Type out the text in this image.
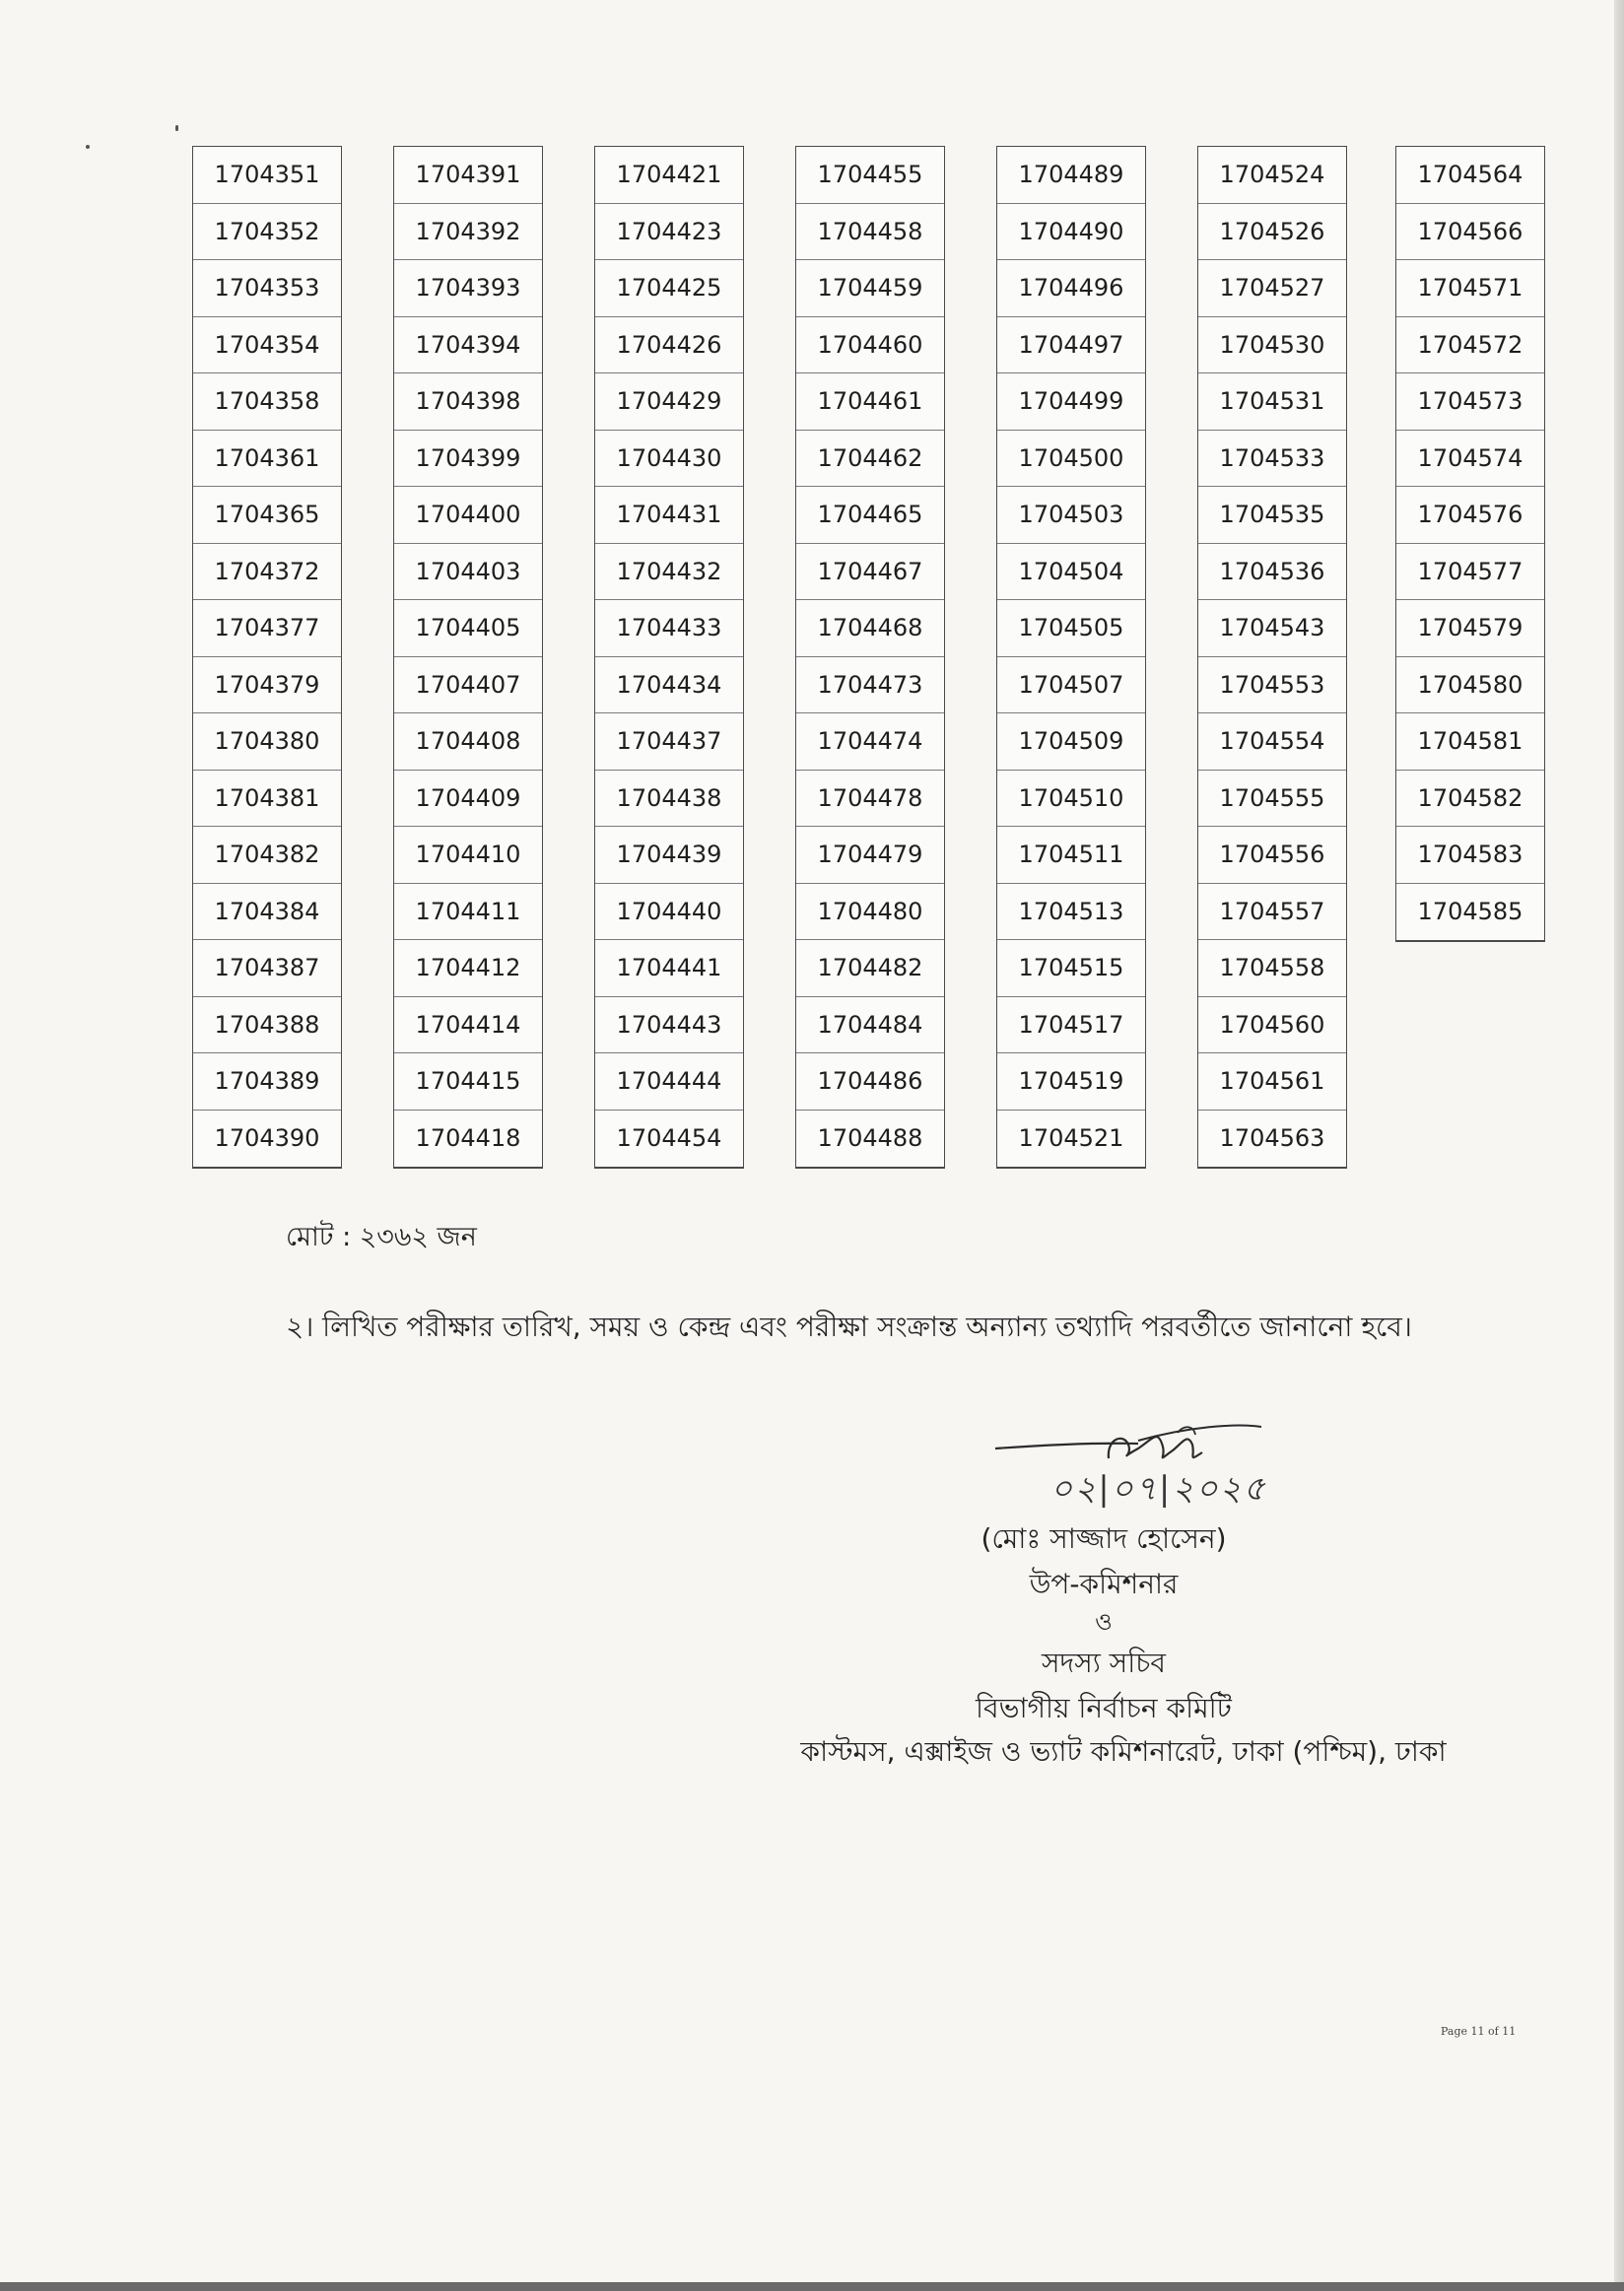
1704351
1704352
1704353
1704354
1704358
1704361
1704365
1704372
1704377
1704379
1704380
1704381
1704382
1704384
1704387
1704388
1704389
1704390
1704391
1704392
1704393
1704394
1704398
1704399
1704400
1704403
1704405
1704407
1704408
1704409
1704410
1704411
1704412
1704414
1704415
1704418
1704421
1704423
1704425
1704426
1704429
1704430
1704431
1704432
1704433
1704434
1704437
1704438
1704439
1704440
1704441
1704443
1704444
1704454
1704455
1704458
1704459
1704460
1704461
1704462
1704465
1704467
1704468
1704473
1704474
1704478
1704479
1704480
1704482
1704484
1704486
1704488
1704489
1704490
1704496
1704497
1704499
1704500
1704503
1704504
1704505
1704507
1704509
1704510
1704511
1704513
1704515
1704517
1704519
1704521
1704524
1704526
1704527
1704530
1704531
1704533
1704535
1704536
1704543
1704553
1704554
1704555
1704556
1704557
1704558
1704560
1704561
1704563
1704564
1704566
1704571
1704572
1704573
1704574
1704576
1704577
1704579
1704580
1704581
1704582
1704583
1704585
মোট : ২৩৬২ জন
২। লিখিত পরীক্ষার তারিখ, সময় ও কেন্দ্র এবং পরীক্ষা সংক্রান্ত অন্যান্য তথ্যাদি পরবর্তীতে জানানো হবে।
০২|০৭|২০২৫
(মোঃ সাজ্জাদ হোসেন)
উপ-কমিশনার
ও
সদস্য সচিব
বিভাগীয় নির্বাচন কমিটি
কাস্টমস, এক্সাইজ ও ভ্যাট কমিশনারেট, ঢাকা (পশ্চিম), ঢাকা
Page 11 of 11
